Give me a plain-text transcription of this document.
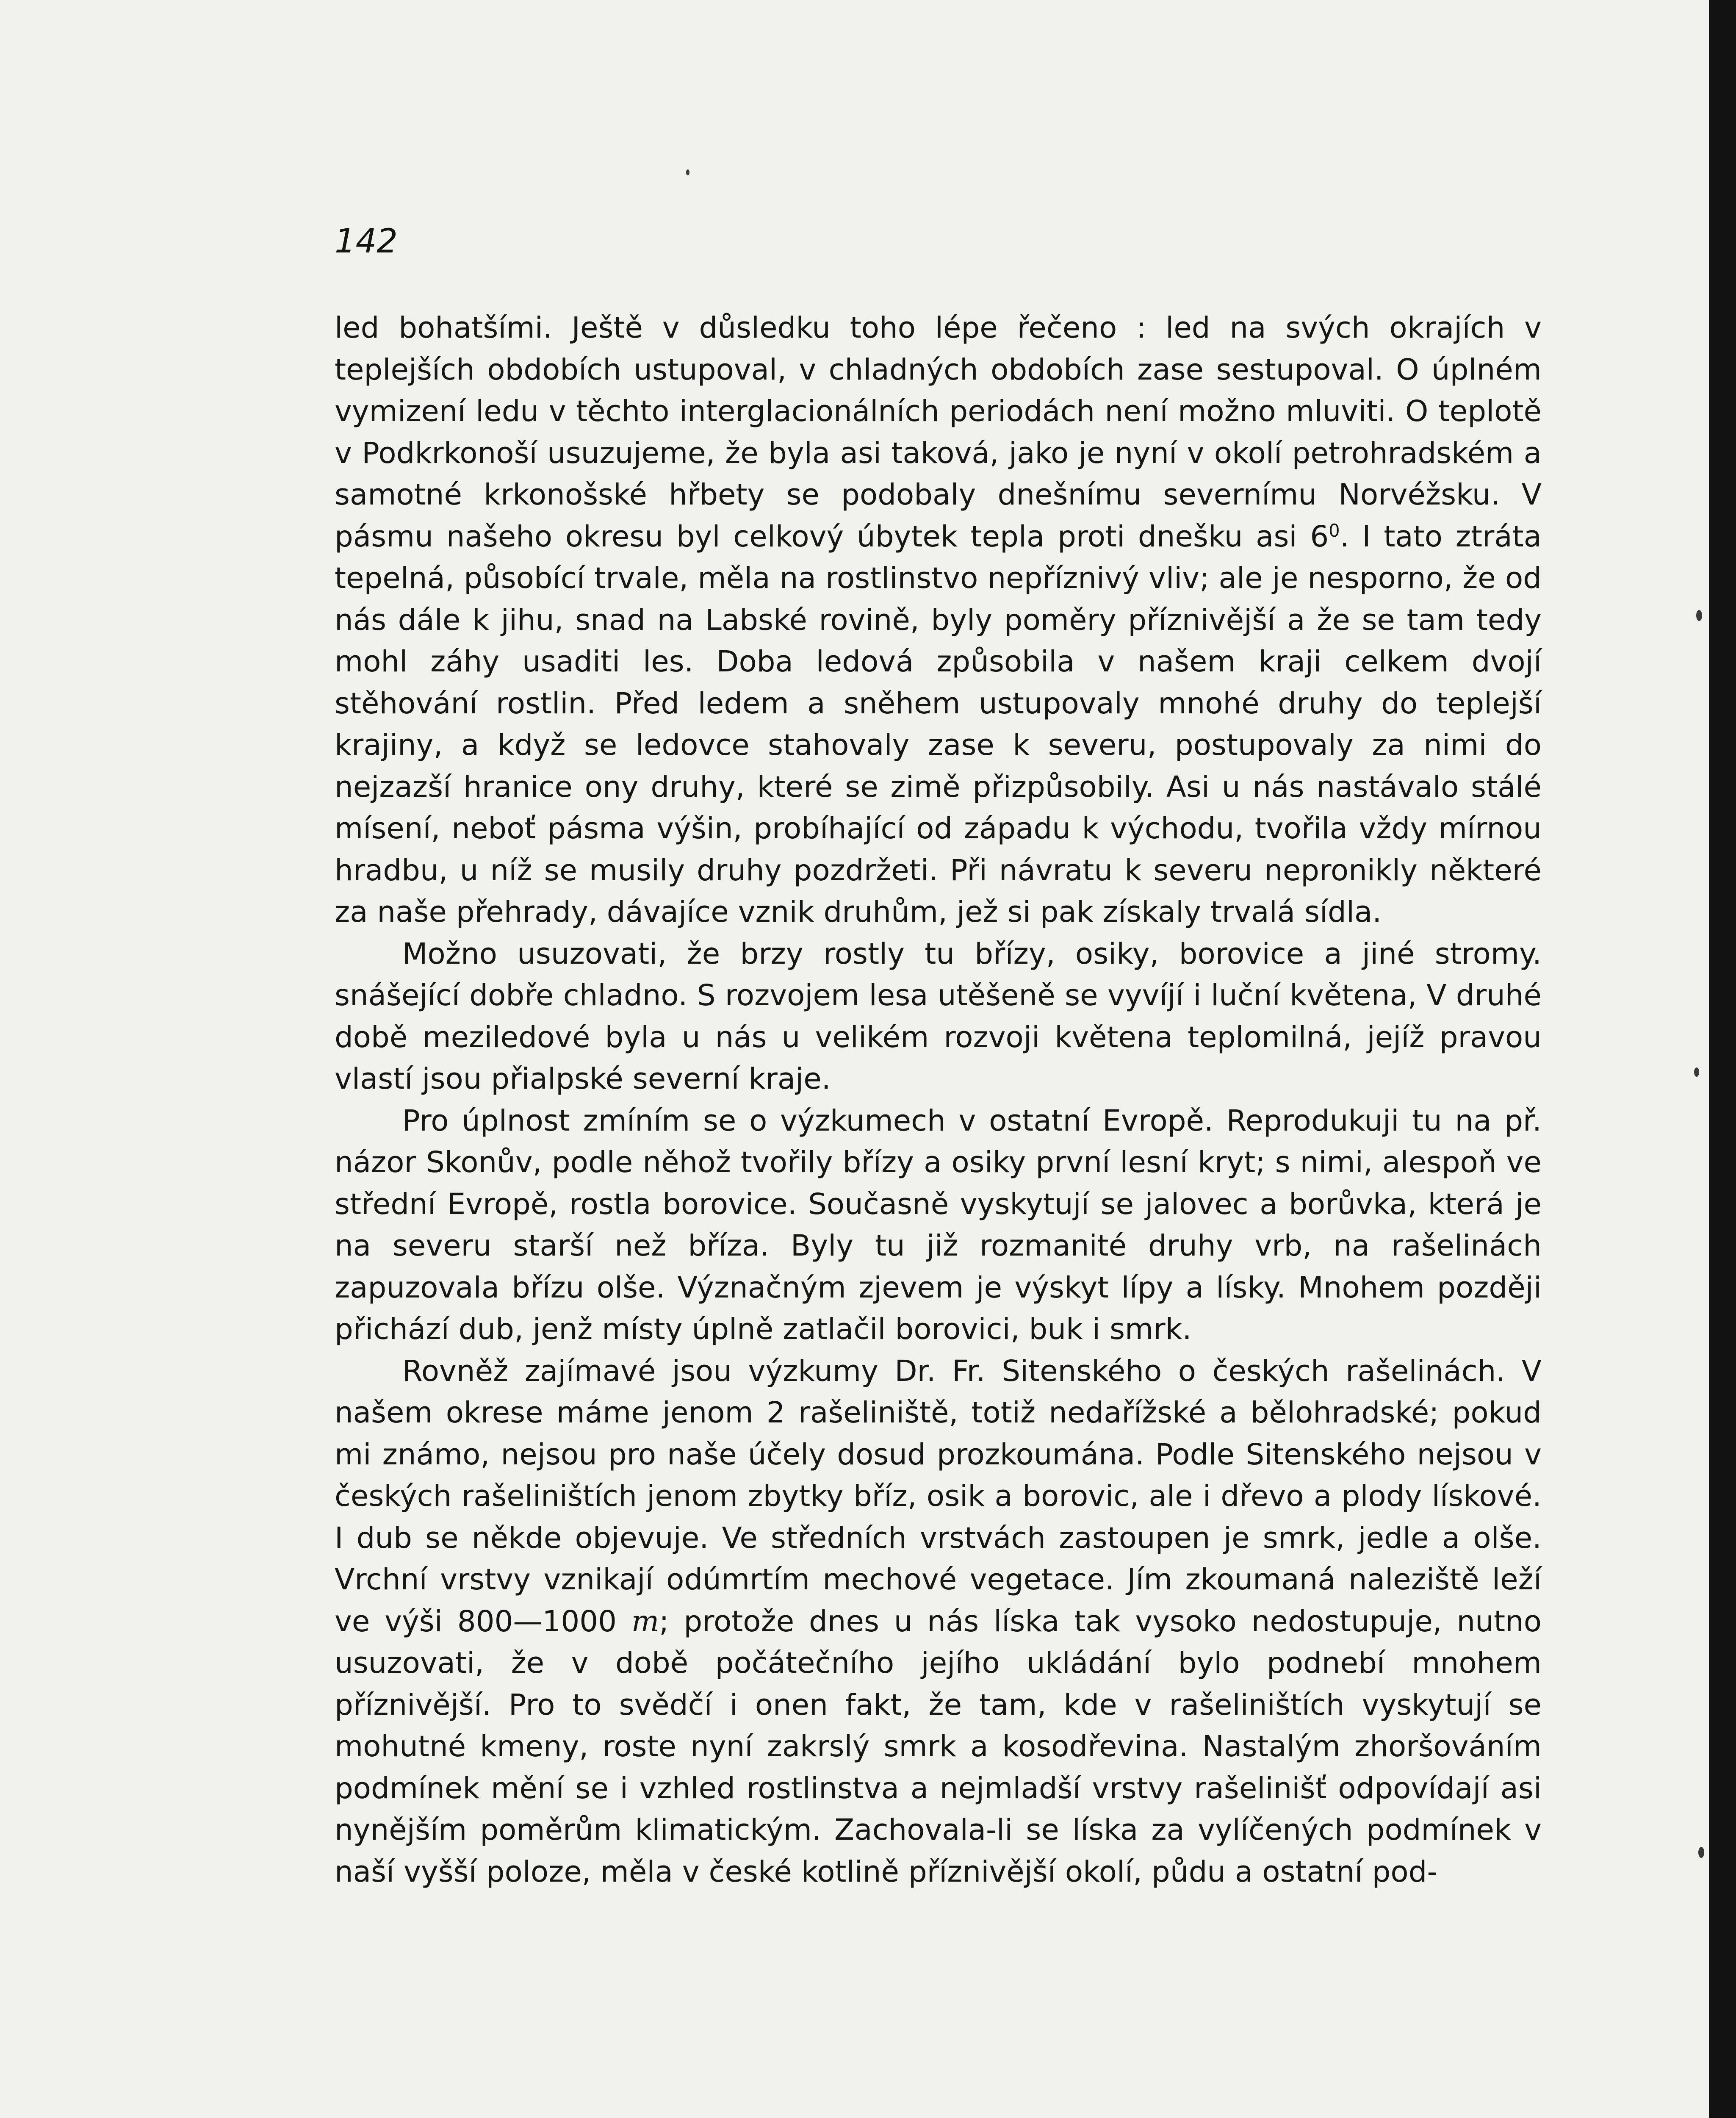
142

led bohatšími. Ještě v důsledku toho lépe řečeno : led na svých okrajích v teplejších obdobích ustupoval, v chladných obdobích zase sestupoval. O úplném vymizení ledu v těchto interglacionálních periodách není možno mluviti. O teplotě v Podkrkonoší usuzujeme, že byla asi taková, jako je nyní v okolí petrohradském a samotné krkonošské hřbety se podobaly dnešnímu severnímu Norvéžsku. V pásmu našeho okresu byl celkový úbytek tepla proti dnešku asi $6^0$. I tato ztráta tepelná, působící trvale, měla na rostlinstvo nepříznivý vliv; ale je nesporno, že od nás dále k jihu, snad na Labské rovině, byly poměry příznivější a že se tam tedy mohl záhy usaditi les. Doba ledová způsobila v našem kraji celkem dvojí stěhování rostlin. Před ledem a sněhem ustupovaly mnohé druhy do teplejší krajiny, a když se ledovce stahovaly zase k severu, postupovaly za nimi do nejzazší hranice ony druhy, které se zimě přizpůsobily. Asi u nás nastávalo stálé mísení, neboť pásma výšin, probíhající od západu k východu, tvořila vždy mírnou hradbu, u níž se musily druhy pozdržeti. Při návratu k severu nepronikly některé za naše přehrady, dávajíce vznik druhům, jež si pak získaly trvalá sídla.

Možno usuzovati, že brzy rostly tu břízy, osiky, borovice a jiné stromy. snášející dobře chladno. S rozvojem lesa utěšeně se vyvíjí i luční květena, V druhé době meziledové byla u nás u velikém rozvoji květena teplomilná, jejíž pravou vlastí jsou přialpské severní kraje.

Pro úplnost zmíním se o výzkumech v ostatní Evropě. Reprodukuji tu na př. názor Skonův, podle něhož tvořily břízy a osiky první lesní kryt; s nimi, alespoň ve střední Evropě, rostla borovice. Současně vyskytují se jalovec a borůvka, která je na severu starší než bříza. Byly tu již rozmanité druhy vrb, na rašelinách zapuzovala břízu olše. Význačným zjevem je výskyt lípy a lísky. Mnohem později přichází dub, jenž místy úplně zatlačil borovici, buk i smrk.

Rovněž zajímavé jsou výzkumy Dr. Fr. Sitenského o českých rašelinách. V našem okrese máme jenom 2 rašeliniště, totiž nedařížské a bělohradské; pokud mi známo, nejsou pro naše účely dosud prozkoumána. Podle Sitenského nejsou v českých rašeliništích jenom zbytky bříz, osik a borovic, ale i dřevo a plody lískové. I dub se někde objevuje. Ve středních vrstvách zastoupen je smrk, jedle a olše. Vrchní vrstvy vznikají odúmrtím mechové vegetace. Jím zkoumaná naleziště leží ve výši 800—1000 m; protože dnes u nás líska tak vysoko nedostupuje, nutno usuzovati, že v době počátečního jejího ukládání bylo podnebí mnohem příznivější. Pro to svědčí i onen fakt, že tam, kde v rašeliništích vyskytují se mohutné kmeny, roste nyní zakrslý smrk a kosodřevina. Nastalým zhoršováním podmínek mění se i vzhled rostlinstva a nejmladší vrstvy rašelinišť odpovídají asi nynějším poměrům klimatickým. Zachovala-li se líska za vylíčených podmínek v naší vyšší poloze, měla v české kotlině příznivější okolí, půdu a ostatní pod-
